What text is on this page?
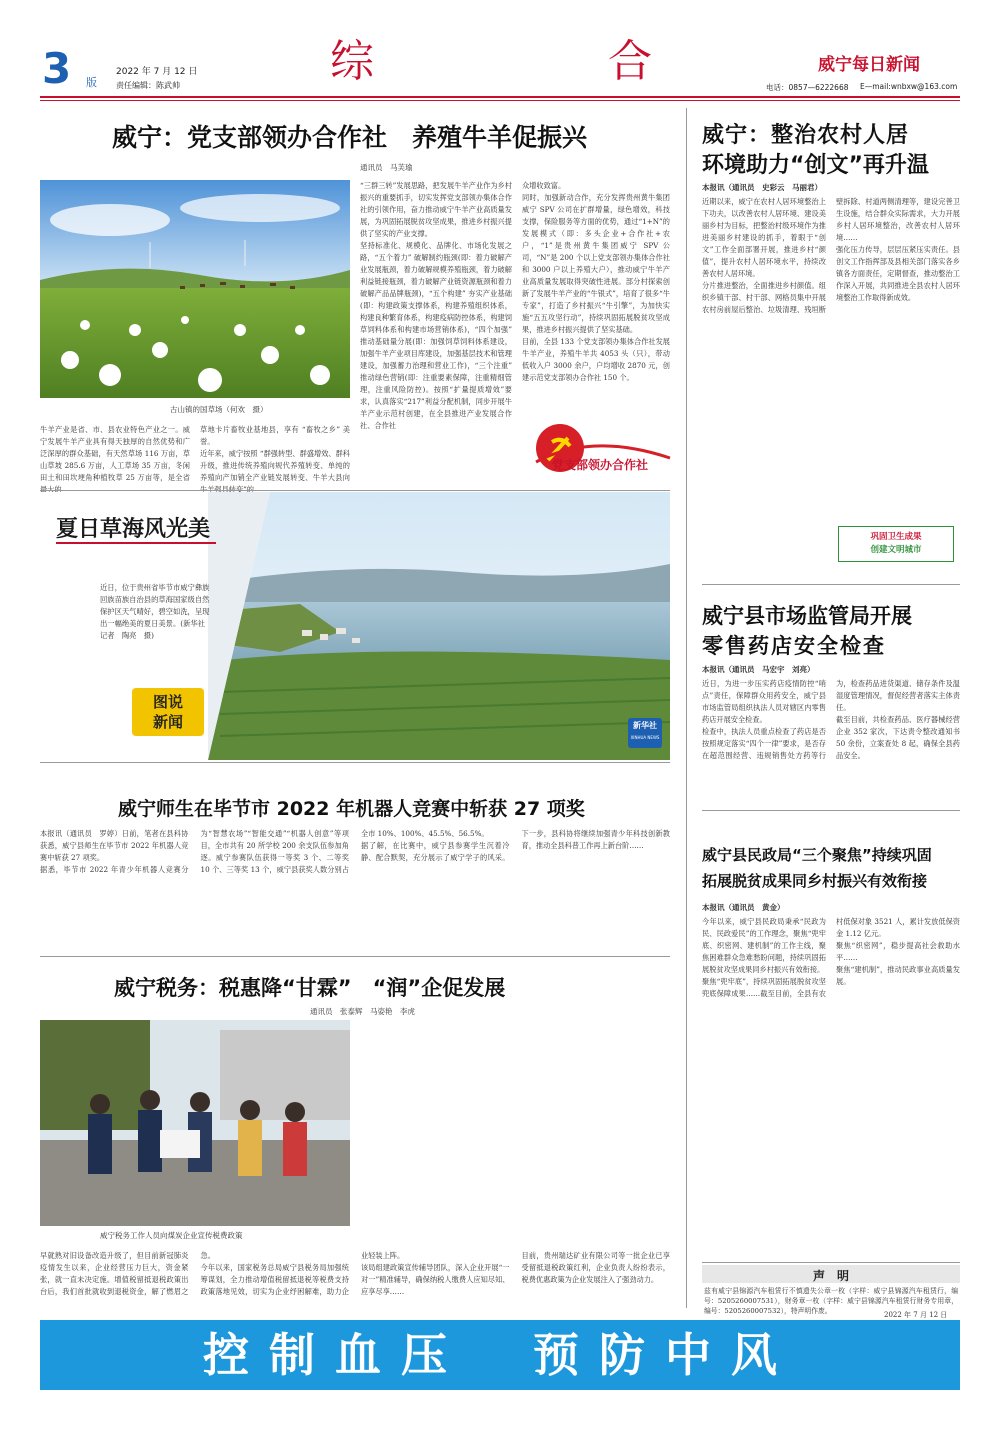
3 版
2022 年 7 月 12 日
责任编辑：陈武帅	综	合	威宁每日新闻
电话：0857—6222668 E—mail:wnbxw@163.com
威宁：党支部领办合作社　养殖牛羊促振兴
通讯员　马芙瑜
古山镇的国草场（何欢　摄）
牛羊产业是省、市、县农业特色产业之一。威宁发展牛羊产业具有得天独厚的自然优势和广泛深厚的群众基础，有天然草场 116 万亩，草山草坡 285.6 万亩，人工草场 35 万亩，冬闲田土和田坎埂角种植牧草 25 万亩等，是全省
草地卡片畜牧业基地县，享有 “畜牧之乡” 美誉。
近年来，威宁按照 “群强转型、群盛增效、群科升级，推进传统养殖向规代养殖转变、单纯的养殖向产加销全产业链发展转变、牛羊大县向
“三群三转”发展思路，把发展牛羊产业作为乡村振兴的重要抓手，切实发挥党支部领办集体合作社的引领作用，奋力推动威宁牛羊产业高质量发展，为巩固拓展脱贫攻坚成果，推进乡村振兴提供了坚实的产业支撑。
坚持标准化、规模化、品牌化、市场化发展之路，“五个着力” 破解制约瓶颈(即：着力破解产业发展瓶颈，着力破解规模养殖瓶颈，着力破解利益链接瓶颈，着力破解产业链资源瓶颈和着力破解产品品牌瓶颈)，“五个构建” 夯实产业基础(即：构建政策支撑体系，构建养殖组织体系，构建良种繁育体系，构建疫病防控体系，构建饲草饲料体系和构建市场营销体系)，“四个加强” 推动基础量分展(即：加强饲草饲料体系建设，加强牛羊产业项目库建设，加强基层技术和管理建设，加强蓄力治理和营业工作)，“三个注重” 推动绿色营销(即：注重要素保障，注重精细管理，注重风险防控)。按照“扩量提质增效”要求，认真落实“217”利益分配机制，同步开展牛羊产业示范村创建，在全县推进产业发展合作社、合作社
众增收致富。
同时，加强新动合作，充分发挥贵州黄牛集团威宁 SPV 公司在扩群增量，绿色增效，科技支撑，保险服务等方面的优势，通过“1+N”的发展模式（即：多头企业+合作社+农户，“1”是贵州黄牛集团威宁 SPV 公司，“N”是 200 个以上党支部领办集体合作社和 3000 户以上养殖大户），推动威宁牛羊产业高质量发展取得突破性进展。部分村探索创新了发展牛羊产业的“牛银式”，培育了很多“牛专家”，打造了乡村振兴“牛引擎”，为加快实施“五五攻坚行动”，持续巩固拓展脱贫攻坚成果，推进乡村振兴提供了坚实基础。
目前，全县 133 个党支部领办集体合作社发展牛羊产业，养殖牛羊共 4053 头（只），带动低收入户 3000 余户，户均增收 2870 元，创建示范党支部领办合作社 150 个。
党支部领办合作社
夏日草海风光美
近日，位于贵州省毕节市威宁彝族回族苗族自治县的草海国家级自然保护区天气晴好，碧空如洗，呈现出一幅绝美的夏日美景。(新华社记者　陶亮　摄)
图说
新闻	新华社
XINHUA NEWS
威宁师生在毕节市 2022 年机器人竞赛中斩获 27 项奖
本报讯（通讯员　罗婷）日前，笔者在县科协获悉，威宁县师生在毕节市 2022 年机器人竞赛中斩获 27 项奖。
据悉，毕节市 2022 年青少年机器人竞赛分为“智慧农场”“智能交通”“机器人创意”等项目，全市共有 20 所学校 200 余支队伍参加角逐。威宁参赛队伍获得一等奖 3 个、二等奖 10 个、三等奖 13 个，威宁县获奖人数分别占全市 10%、100%、45.5%、56.5%。
据了解，在比赛中，威宁县参赛学生沉着冷静、配合默契，充分展示了威宁学子的风采。下一步，县科协将继续加强青少年科技创新教育，推动全县科普工作再上新台阶……
威宁税务：税惠降“甘霖”　“润”企促发展
通讯员　张泰辉　马姿艳　李虎
威宁税务工作人员向煤炭企业宣传税费政策
早就熟对旧设备改造升级了，但目前新冠肺炎疫情发生以来，企业经营压力巨大，资金紧张，就一直未决定施。增值税留抵退税政策出台后，我们首批就收到退税资金，解了燃眉之急。
今年以来，国家税务总局威宁县税务局加强统筹谋划，全力推动增值税留抵退税等税费支持政策落地见效，切实为企业纾困解难，助力企业轻装上阵。
该局组建政策宣传辅导团队，深入企业开展“一对一”精准辅导，确保纳税人缴费人应知尽知、应享尽享……
目前，贵州瑞达矿业有限公司等一批企业已享受留抵退税政策红利，企业负责人纷纷表示，税费优惠政策为企业发展注入了强劲动力。
威宁：整治农村人居
环境助力“创文”再升温
本报讯（通讯员　史彩云　马丽君）
近期以来，威宁在农村人居环境整治上下功夫，以改善农村人居环境、建设美丽乡村为目标，把整治村级环境作为推进美丽乡村建设的抓手，着眼于“创文”工作全面部署开展，推进乡村“颜值”，提升农村人居环境水平，持续改善农村人居环境。
分片推进整治，全面推进乡村颜值。组织乡镇干部、村干部、网格员集中开展农村房前屋后整治、垃圾清理、残垣断壁拆除、村道两侧清理等，建设完善卫生设施，结合群众实际需求，大力开展乡村人居环境整治，改善农村人居环境……
强化压力传导，层层压紧压实责任。县创文工作指挥部及县相关部门落实各乡镇各方面责任，定期督查，推动整治工作深入开展，共同推进全县农村人居环境整治工作取得新成效。
巩固卫生成果
创建文明城市
威宁县市场监管局开展
零售药店安全检查
本报讯（通讯员　马宏宇　刘亮）
近日，为进一步压实药店疫情防控“哨点”责任，保障群众用药安全，威宁县市场监管局组织执法人员对辖区内零售药店开展安全检查。
检查中，执法人员重点检查了药店是否按照规定落实“四个一律”要求，是否存在超范围经营、违规销售处方药等行为，检查药品进货渠道、储存条件及温湿度管理情况，督促经营者落实主体责任。
截至目前，共检查药品、医疗器械经营企业 352 家次，下达责令整改通知书 50 余份，立案查处 8 起，确保全县药品安全。
威宁县民政局“三个聚焦”持续巩固
拓展脱贫成果同乡村振兴有效衔接
本报讯（通讯员　黄金）
今年以来，威宁县民政局秉承“民政为民、民政爱民”的工作理念，聚焦“兜牢底、织密网、建机制”的工作主线，聚焦困难群众急难愁盼问题，持续巩固拓展脱贫攻坚成果同乡村振兴有效衔接。
聚焦“兜牢底”，持续巩固拓展脱贫攻坚兜底保障成果……截至目前，全县有农村低保对象 3521 人，累计发放低保资金 1.12 亿元。
聚焦“织密网”，稳步提高社会救助水平……
聚焦“建机制”，推动民政事业高质量发展。
声　明
兹有威宁县锦源汽车租赁行不慎遗失公章一枚（字样：威宁县锦源汽车租赁行，编号：5205260007531），财务章一枚（字样：威宁县锦源汽车租赁行财务专用章，编号：5205260007532），特声明作废。	2022 年 7 月 12 日
控制血压　预防中风
